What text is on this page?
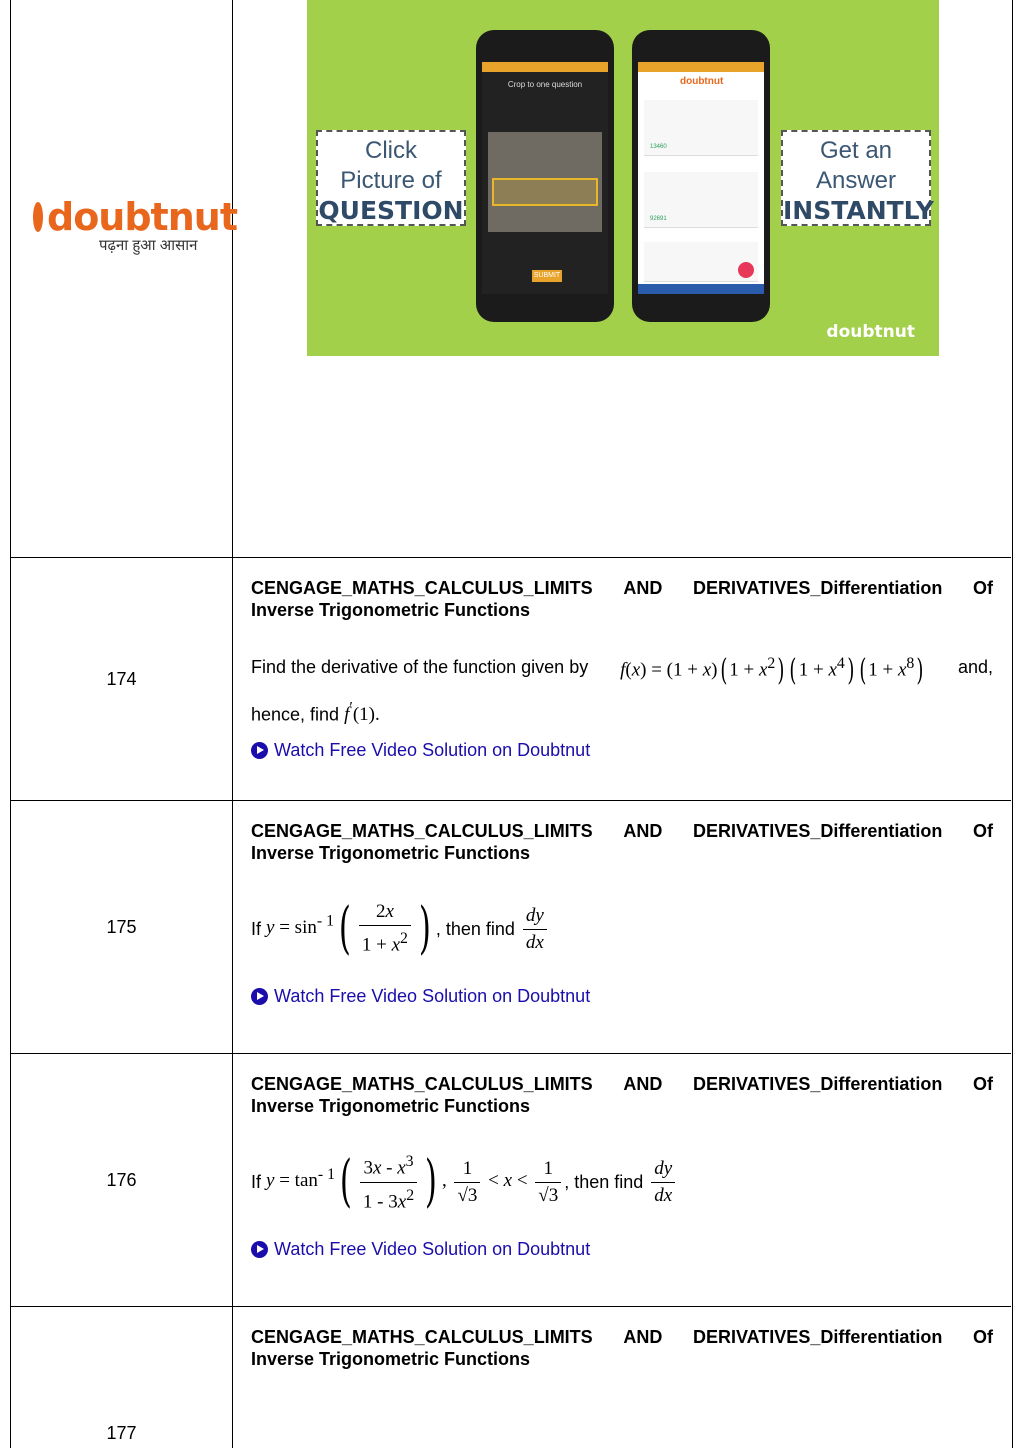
doubt nut
पढ़ना हुआ आसान
Click
Picture of
QUESTION
Get an
Answer
INSTANTLY
Crop to one question
SUBMIT
doubtnut
13460
92691
doubtnut
174
CENGAGE_MATHS_CALCULUS_LIMITS AND DERIVATIVES_Differentiation Of
Inverse Trigonometric Functions
Find the derivative of the function given by f(x) = (1 + x)( $1 + x^2$) ( $1 + x^4$) ( $1 + x^8$) and,
hence, find f′(1).
Watch Free Video Solution on Doubtnut
175
CENGAGE_MATHS_CALCULUS_LIMITS AND DERIVATIVES_Differentiation Of
Inverse Trigonometric Functions
If
$y = \sin^{- 1}( \frac{2x}{1 + x^2}$ ) , then find
$\frac{dy}{dx}$
Watch Free Video Solution on Doubtnut
176
CENGAGE_MATHS_CALCULUS_LIMITS AND DERIVATIVES_Differentiation Of
Inverse Trigonometric Functions
If
$y = \tan^{- 1}( \frac{3x - x^3}{1 - 3x^2}$ ) , $\frac{1}{√3} < x < \frac{1}{√3}$ , then find
$\frac{dy}{dx}$
Watch Free Video Solution on Doubtnut
177
CENGAGE_MATHS_CALCULUS_LIMITS AND DERIVATIVES_Differentiation Of
Inverse Trigonometric Functions
